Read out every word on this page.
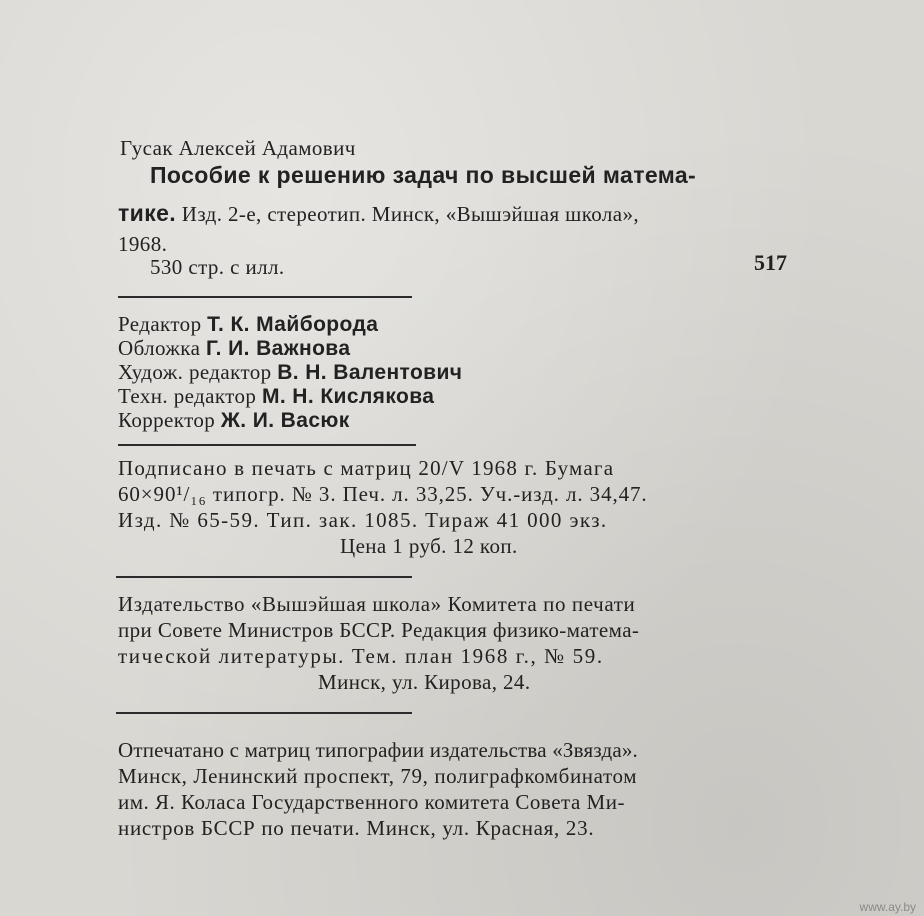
Гусак Алексей Адамович
Пособие к решению задач по высшей матема-
тике. Изд. 2-е, стереотип. Минск, «Вышэйшая школа»,
1968.
530 стр. с илл.	517
Редактор Т. К. Майборода
Обложка Г. И. Важнова
Худож. редактор В. Н. Валентович
Техн. редактор М. Н. Кислякова
Корректор Ж. И. Васюк
Подписано в печать с матриц 20/V 1968 г. Бумага
60×90¹/₁₆ типогр. № 3. Печ. л. 33,25. Уч.-изд. л. 34,47.
Изд. № 65-59. Тип. зак. 1085. Тираж 41 000 экз.
Цена 1 руб. 12 коп.
Издательство «Вышэйшая школа» Комитета по печати
при Совете Министров БССР. Редакция физико-матема-
тической литературы. Тем. план 1968 г., № 59.
Минск, ул. Кирова, 24.
Отпечатано с матриц типографии издательства «Звязда».
Минск, Ленинский проспект, 79, полиграфкомбинатом
им. Я. Коласа Государственного комитета Совета Ми-
нистров БССР по печати. Минск, ул. Красная, 23.
www.ay.by
